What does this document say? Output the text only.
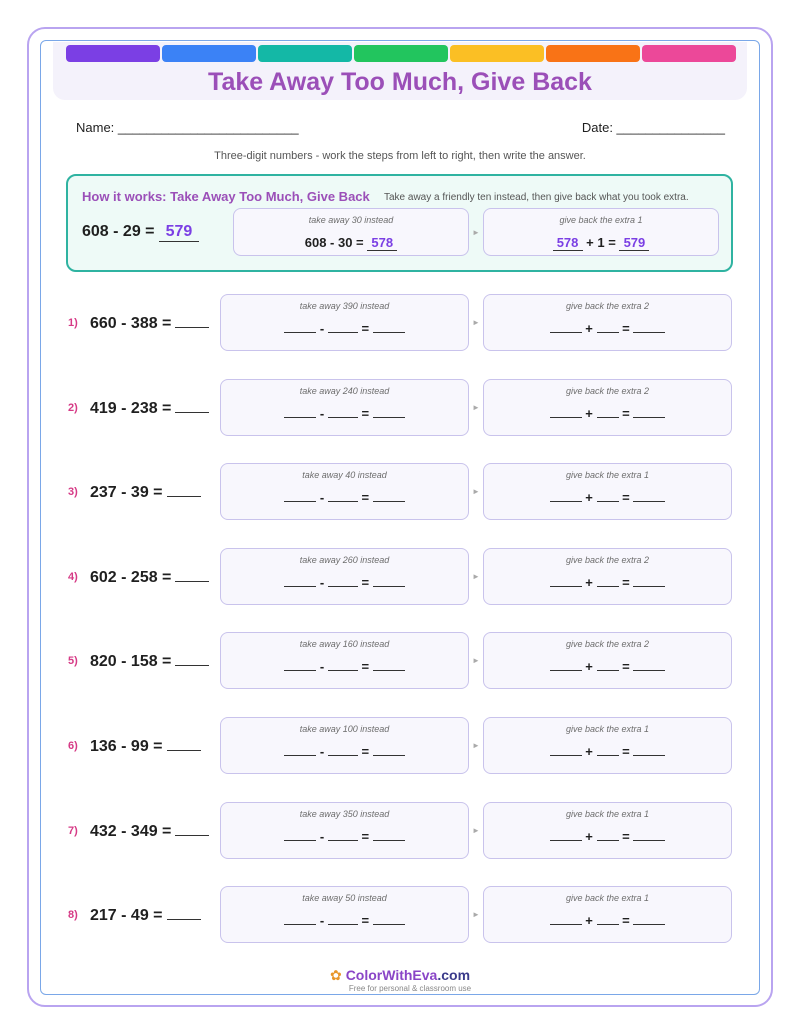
Take Away Too Much, Give Back
Name: _________________________	Date: _______________
Three-digit numbers - work the steps from left to right, then write the answer.
How it works: Take Away Too Much, Give Back Take away a friendly ten instead, then give back what you took extra.
608 - 29 = 579
take away 30 instead
608 - 30 = 578
►
give back the extra 1
578 + 1 = 579
1) 660 - 388 =
take away 390 instead
-	=	►
give back the extra 2
+ =
2) 419 - 238 =
take away 240 instead
-	=	►
give back the extra 2
+ =
3) 237 - 39 =
take away 40 instead
-	=	►
give back the extra 1
+ =
4) 602 - 258 =
take away 260 instead
-	=	►
give back the extra 2
+ =
5) 820 - 158 =
take away 160 instead
-	=	►
give back the extra 2
+ =
6) 136 - 99 =
take away 100 instead
-	=	►
give back the extra 1
+ =
7) 432 - 349 =
take away 350 instead
-	=	►
give back the extra 1
+ =
8) 217 - 49 =
take away 50 instead
-	=	►
give back the extra 1
+ =
✿ ColorWithEva.com
Free for personal & classroom use
